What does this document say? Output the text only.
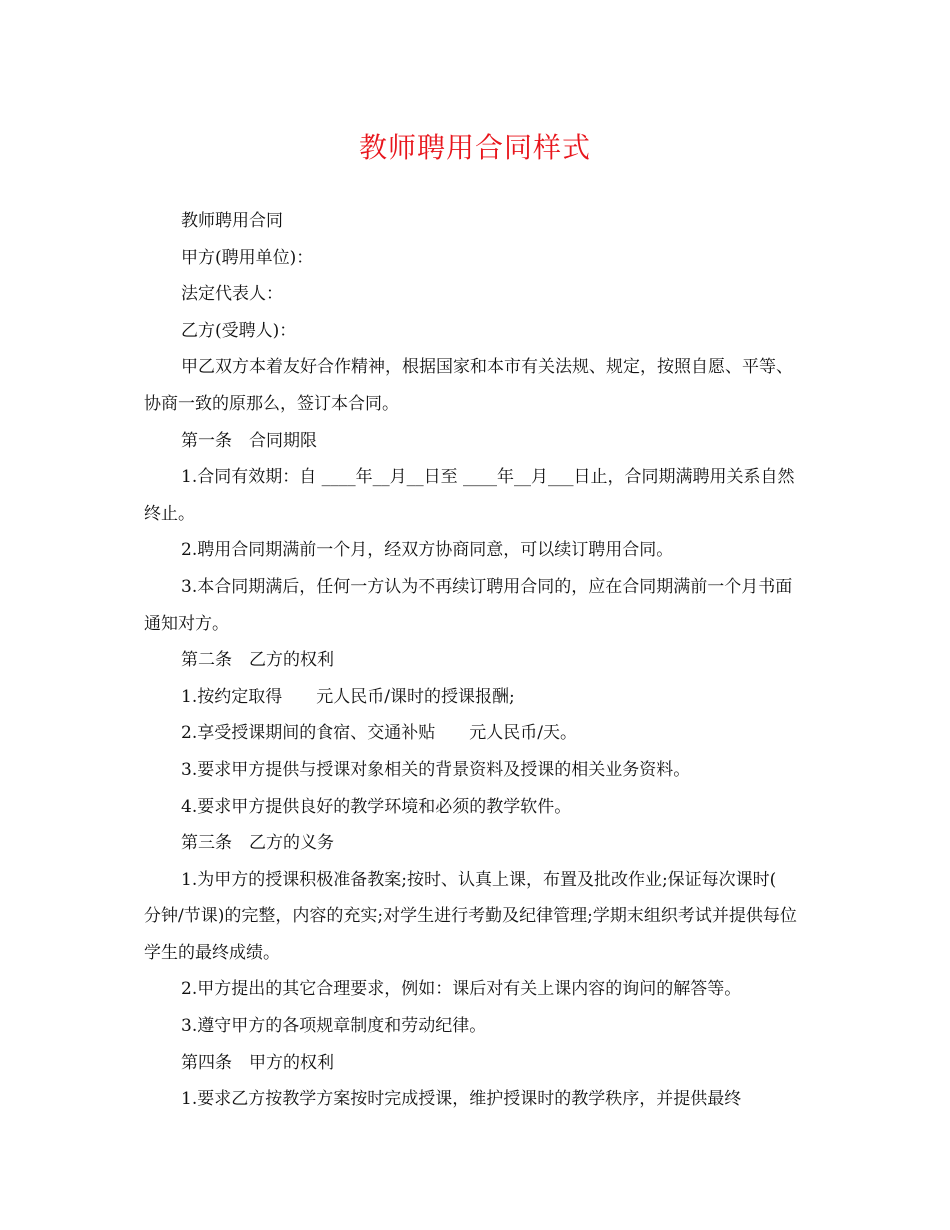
教师聘用合同样式

教师聘用合同

甲方(聘用单位)：

法定代表人：

乙方(受聘人)：

甲乙双方本着友好合作精神，根据国家和本市有关法规、规定，按照自愿、平等、协商一致的原那么，签订本合同。

第一条　合同期限

1.合同有效期：自 ____年__月__日至 ____年__月___日止，合同期满聘用关系自然终止。

2.聘用合同期满前一个月，经双方协商同意，可以续订聘用合同。

3.本合同期满后，任何一方认为不再续订聘用合同的，应在合同期满前一个月书面通知对方。

第二条　乙方的权利

1.按约定取得　　元人民币/课时的授课报酬;

2.享受授课期间的食宿、交通补贴　　元人民币/天。

3.要求甲方提供与授课对象相关的背景资料及授课的相关业务资料。

4.要求甲方提供良好的教学环境和必须的教学软件。

第三条　乙方的义务

1.为甲方的授课积极准备教案;按时、认真上课，布置及批改作业;保证每次课时(　　分钟/节课)的完整，内容的充实;对学生进行考勤及纪律管理;学期末组织考试并提供每位学生的最终成绩。

2.甲方提出的其它合理要求，例如：课后对有关上课内容的询问的解答等。

3.遵守甲方的各项规章制度和劳动纪律。

第四条　甲方的权利

1.要求乙方按教学方案按时完成授课，维护授课时的教学秩序，并提供最终
